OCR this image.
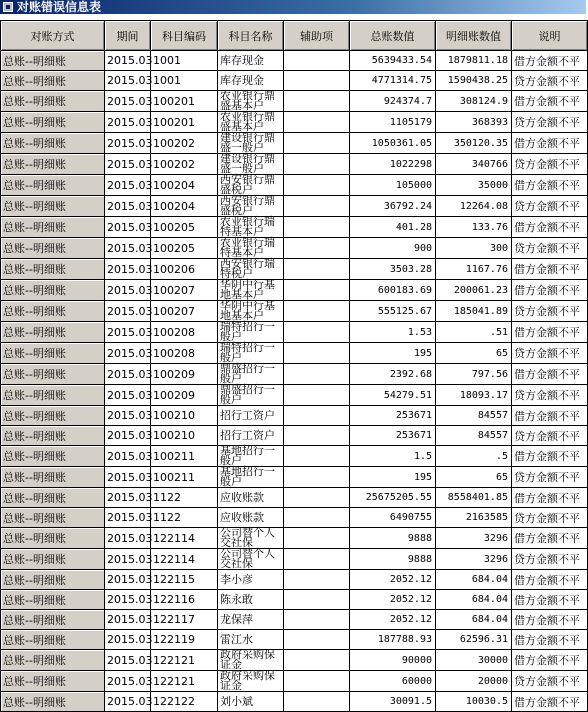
对账错误信息表
对账方式	期间	科目编码	科目名称	辅助项	总账数值	明细账数值	说明
总账--明细账	2015.03	1001	库存现金		5639433.54	1879811.18	借方金额不平
总账--明细账	2015.03	1001	库存现金		4771314.75	1590438.25	贷方金额不平
总账--明细账	2015.03	100201	农业银行鼎盛基本户		924374.7	308124.9	借方金额不平
总账--明细账	2015.03	100201	农业银行鼎盛基本户		1105179	368393	贷方金额不平
总账--明细账	2015.03	100202	建设银行鼎盛一般户		1050361.05	350120.35	借方金额不平
总账--明细账	2015.03	100202	建设银行鼎盛一般户		1022298	340766	贷方金额不平
总账--明细账	2015.03	100204	西安银行鼎盛税户		105000	35000	借方金额不平
总账--明细账	2015.03	100204	西安银行鼎盛税户		36792.24	12264.08	贷方金额不平
总账--明细账	2015.03	100205	农业银行瑞特基本户		401.28	133.76	借方金额不平
总账--明细账	2015.03	100205	农业银行瑞特基本户		900	300	贷方金额不平
总账--明细账	2015.03	100206	西安银行瑞特税户		3503.28	1167.76	借方金额不平
总账--明细账	2015.03	100207	华阴中行基地基本户		600183.69	200061.23	借方金额不平
总账--明细账	2015.03	100207	华阴中行基地基本户		555125.67	185041.89	贷方金额不平
总账--明细账	2015.03	100208	瑞特招行一般户		1.53	.51	借方金额不平
总账--明细账	2015.03	100208	瑞特招行一般户		195	65	贷方金额不平
总账--明细账	2015.03	100209	鼎盛招行一般户		2392.68	797.56	借方金额不平
总账--明细账	2015.03	100209	鼎盛招行一般户		54279.51	18093.17	贷方金额不平
总账--明细账	2015.03	100210	招行工资户		253671	84557	借方金额不平
总账--明细账	2015.03	100210	招行工资户		253671	84557	贷方金额不平
总账--明细账	2015.03	100211	基地招行一般户		1.5	.5	借方金额不平
总账--明细账	2015.03	100211	基地招行一般户		195	65	贷方金额不平
总账--明细账	2015.03	1122	应收账款		25675205.55	8558401.85	借方金额不平
总账--明细账	2015.03	1122	应收账款		6490755	2163585	贷方金额不平
总账--明细账	2015.03	122114	公司替个人交社保		9888	3296	借方金额不平
总账--明细账	2015.03	122114	公司替个人交社保		9888	3296	贷方金额不平
总账--明细账	2015.03	122115	李小彦		2052.12	684.04	借方金额不平
总账--明细账	2015.03	122116	陈永敢		2052.12	684.04	借方金额不平
总账--明细账	2015.03	122117	龙保萍		2052.12	684.04	借方金额不平
总账--明细账	2015.03	122119	雷江水		187788.93	62596.31	借方金额不平
总账--明细账	2015.03	122121	政府采购保证金		90000	30000	借方金额不平
总账--明细账	2015.03	122121	政府采购保证金		60000	20000	贷方金额不平
总账--明细账	2015.03	122122	刘小斌		30091.5	10030.5	借方金额不平
